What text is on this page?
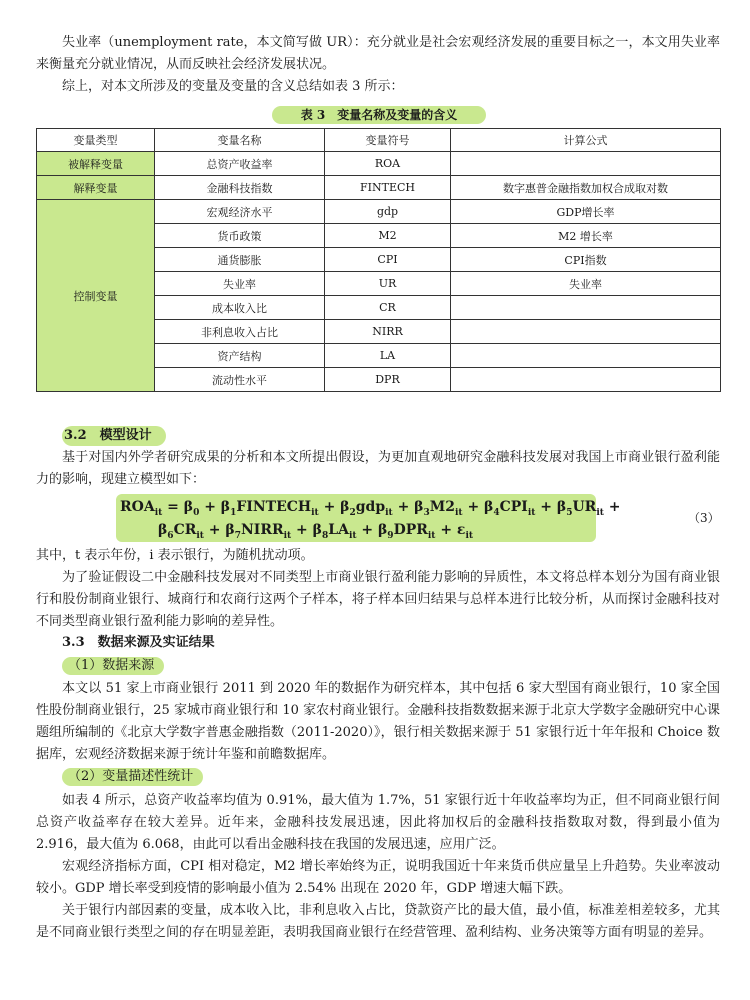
失业率（unemployment rate，本文简写做 UR）：充分就业是社会宏观经济发展的重要目标之一，本文用失业率来衡量充分就业情况，从而反映社会经济发展状况。

综上，对本文所涉及的变量及变量的含义总结如表 3 所示：

表 3　变量名称及变量的含义
变量类型	变量名称	变量符号	计算公式
被解释变量	总资产收益率	ROA	
解释变量	金融科技指数	FINTECH	数字惠普金融指数加权合成取对数
控制变量	宏观经济水平	gdp	GDP增长率
	货币政策	M2	M2 增长率
	通货膨胀	CPI	CPI指数
	失业率	UR	失业率
	成本收入比	CR	
	非利息收入占比	NIRR	
	资产结构	LA	
	流动性水平	DPR	
3.2　模型设计

基于对国内外学者研究成果的分析和本文所提出假设，为更加直观地研究金融科技发展对我国上市商业银行盈利能力的影响，现建立模型如下：

$ROA_{it} = \beta_0$ + $\beta_1FINTECH_{it} + \beta_2gdp_{it} + \beta_3M2_{it} + \beta_4CPI_{it} + \beta_5UR_{it}$ +
$\beta_6CR_{it}$ + $\beta_7NIRR_{it} + \beta_8LA_{it} + \beta_9DPR_{it} + \varepsilon_{it}$
（3）

其中，t 表示年份，i 表示银行，为随机扰动项。

为了验证假设二中金融科技发展对不同类型上市商业银行盈利能力影响的异质性，本文将总样本划分为国有商业银行和股份制商业银行、城商行和农商行这两个子样本，将子样本回归结果与总样本进行比较分析，从而探讨金融科技对不同类型商业银行盈利能力影响的差异性。

3.3　数据来源及实证结果
（1）数据来源

本文以 51 家上市商业银行 2011 到 2020 年的数据作为研究样本，其中包括 6 家大型国有商业银行，10 家全国性股份制商业银行，25 家城市商业银行和 10 家农村商业银行。金融科技指数数据来源于北京大学数字金融研究中心课题组所编制的《北京大学数字普惠金融指数（2011-2020）》，银行相关数据来源于 51 家银行近十年年报和 Choice 数据库，宏观经济数据来源于统计年鉴和前瞻数据库。

（2）变量描述性统计

如表 4 所示，总资产收益率均值为 0.91%，最大值为 1.7%，51 家银行近十年收益率均为正，但不同商业银行间总资产收益率存在较大差异。近年来，金融科技发展迅速，因此将加权后的金融科技指数取对数，得到最小值为 2.916，最大值为 6.068，由此可以看出金融科技在我国的发展迅速，应用广泛。

宏观经济指标方面，CPI 相对稳定，M2 增长率始终为正，说明我国近十年来货币供应量呈上升趋势。失业率波动较小。GDP 增长率受到疫情的影响最小值为 2.54% 出现在 2020 年，GDP 增速大幅下跌。

关于银行内部因素的变量，成本收入比，非利息收入占比，贷款资产比的最大值，最小值，标准差相差较多，尤其是不同商业银行类型之间的存在明显差距，表明我国商业银行在经营管理、盈利结构、业务决策等方面有明显的差异。
